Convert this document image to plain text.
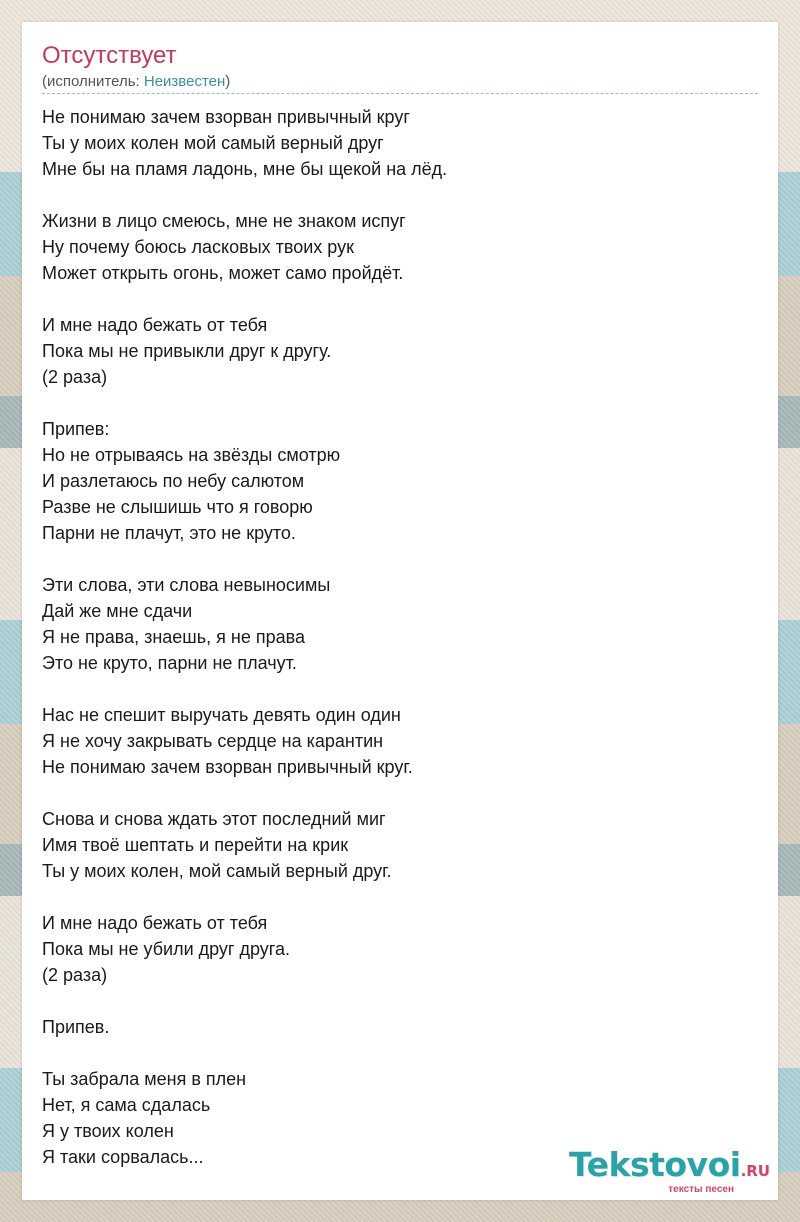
Отсутствует
(исполнитель: Неизвестен)
Не понимаю зачем взорван привычный круг
Ты у моих колен мой самый верный друг
Мне бы на пламя ладонь, мне бы щекой на лёд.
Жизни в лицо смеюсь, мне не знаком испуг
Ну почему боюсь ласковых твоих рук
Может открыть огонь, может само пройдёт.
И мне надо бежать от тебя
Пока мы не привыкли друг к другу.
(2 раза)
Припев:
Но не отрываясь на звёзды смотрю
И разлетаюсь по небу салютом
Разве не слышишь что я говорю
Парни не плачут, это не круто.
Эти слова, эти слова невыносимы
Дай же мне сдачи
Я не права, знаешь, я не права
Это не круто, парни не плачут.
Нас не спешит выручать девять один один
Я не хочу закрывать сердце на карантин
Не понимаю зачем взорван привычный круг.
Снова и снова ждать этот последний миг
Имя твоё шептать и перейти на крик
Ты у моих колен, мой самый верный друг.
И мне надо бежать от тебя
Пока мы не убили друг друга.
(2 раза)
Припев.
Ты забрала меня в плен
Нет, я сама сдалась
Я у твоих колен
Я таки сорвалась...	Tekstovoi.RU
тексты песен
